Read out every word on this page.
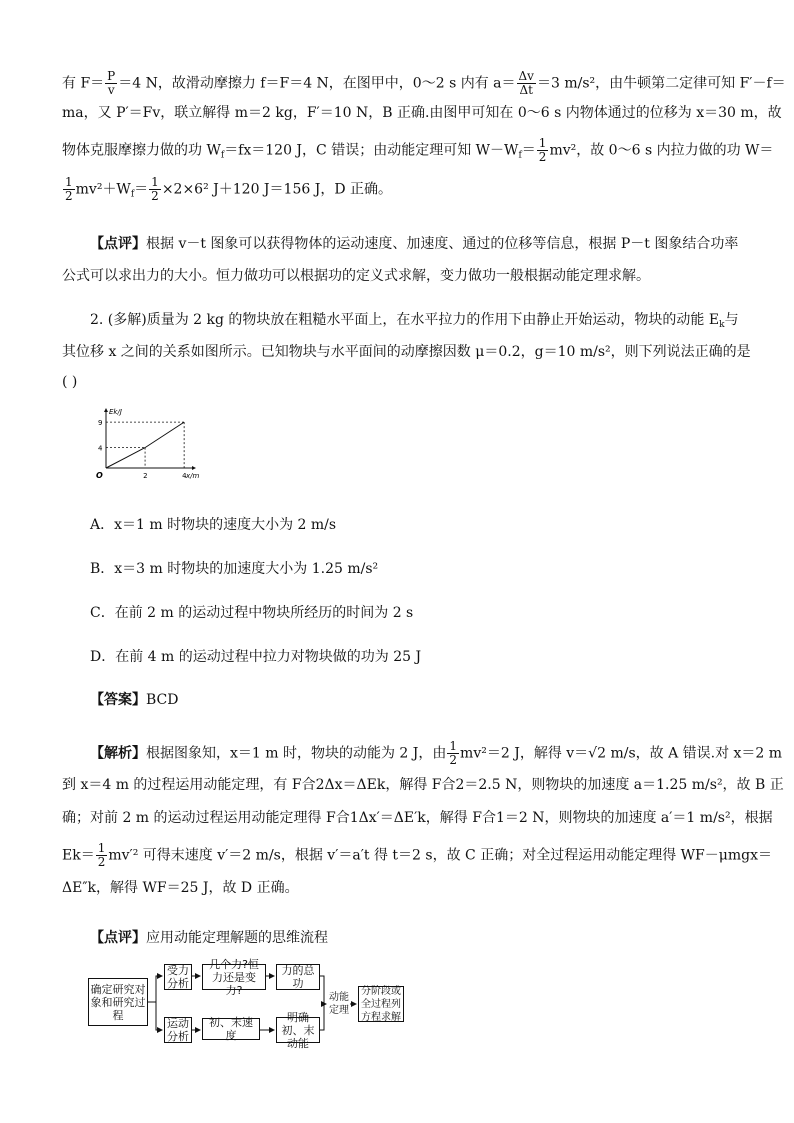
有 $F= \frac{P}{v} =4$ N，故滑动摩擦力 f＝F＝4 N，在图甲中，0～2 s 内有 $a= \frac{\Delta v}{\Delta t} =3$ m/s²，由牛顿第二定律可知 F′－f＝
ma，又 P′＝Fv，联立解得 m＝2 kg，F′＝10 N，B 正确.由图甲可知在 0～6 s 内物体通过的位移为 x＝30 m，故
物体克服摩擦力做的功 $W_f=fx=120$ J，C 错误；由动能定理可知 $W-W_f= \frac{1}{2} mv^2$，故 0～6 s 内拉力做的功 W＝
$\frac{1}{2} mv^2+W_f= \frac{1}{2} \times 2\times 6^2$ J＋120 J＝156 J，D 正确。
【点评】根据 v－t 图象可以获得物体的运动速度、加速度、通过的位移等信息，根据 P－t 图象结合功率
公式可以求出力的大小。恒力做功可以根据功的定义式求解，变力做功一般根据动能定理求解。
2. (多解)质量为 2 kg 的物块放在粗糙水平面上，在水平拉力的作用下由静止开始运动，物块的动能 $E_k$与
其位移 x 之间的关系如图所示。已知物块与水平面间的动摩擦因数 μ＝0.2，g＝10 m/s²，则下列说法正确的是
( )
Ek/J
x/m
O	2	4
4
9
A．x＝1 m 时物块的速度大小为 2 m/s
B．x＝3 m 时物块的加速度大小为 1.25 m/s²
C．在前 2 m 的运动过程中物块所经历的时间为 2 s
D．在前 4 m 的运动过程中拉力对物块做的功为 25 J
【答案】BCD
【解析】根据图象知，x＝1 m 时，物块的动能为 2 J，由 $\frac{1}{2} mv^2=2$ J，解得 v＝√2 m/s，故 A 错误.对 x＝2 m
到 x＝4 m 的过程运用动能定理，有 F合2Δx＝ΔEk，解得 F合2＝2.5 N，则物块的加速度 a＝1.25 m/s²，故 B 正
确；对前 2 m 的运动过程运用动能定理得 F合1Δx′＝ΔE′k，解得 F合1＝2 N，则物块的加速度 a′＝1 m/s²，根据
$Ek= \frac{1}{2} mv'^2$ 可得末速度 v′＝2 m/s，根据 v′＝a′t 得 t＝2 s，故 C 正确；对全过程运用动能定理得 WF－μmgx＝
ΔE″k，解得 WF＝25 J，故 D 正确。
【点评】应用动能定理解题的思维流程
确定研究对象和研究过程
受力分析
几个力?恒力还是变力?
力的总功
运动分析
初、末速度
明确初、末动能
动能定理
分阶段或全过程列方程求解
